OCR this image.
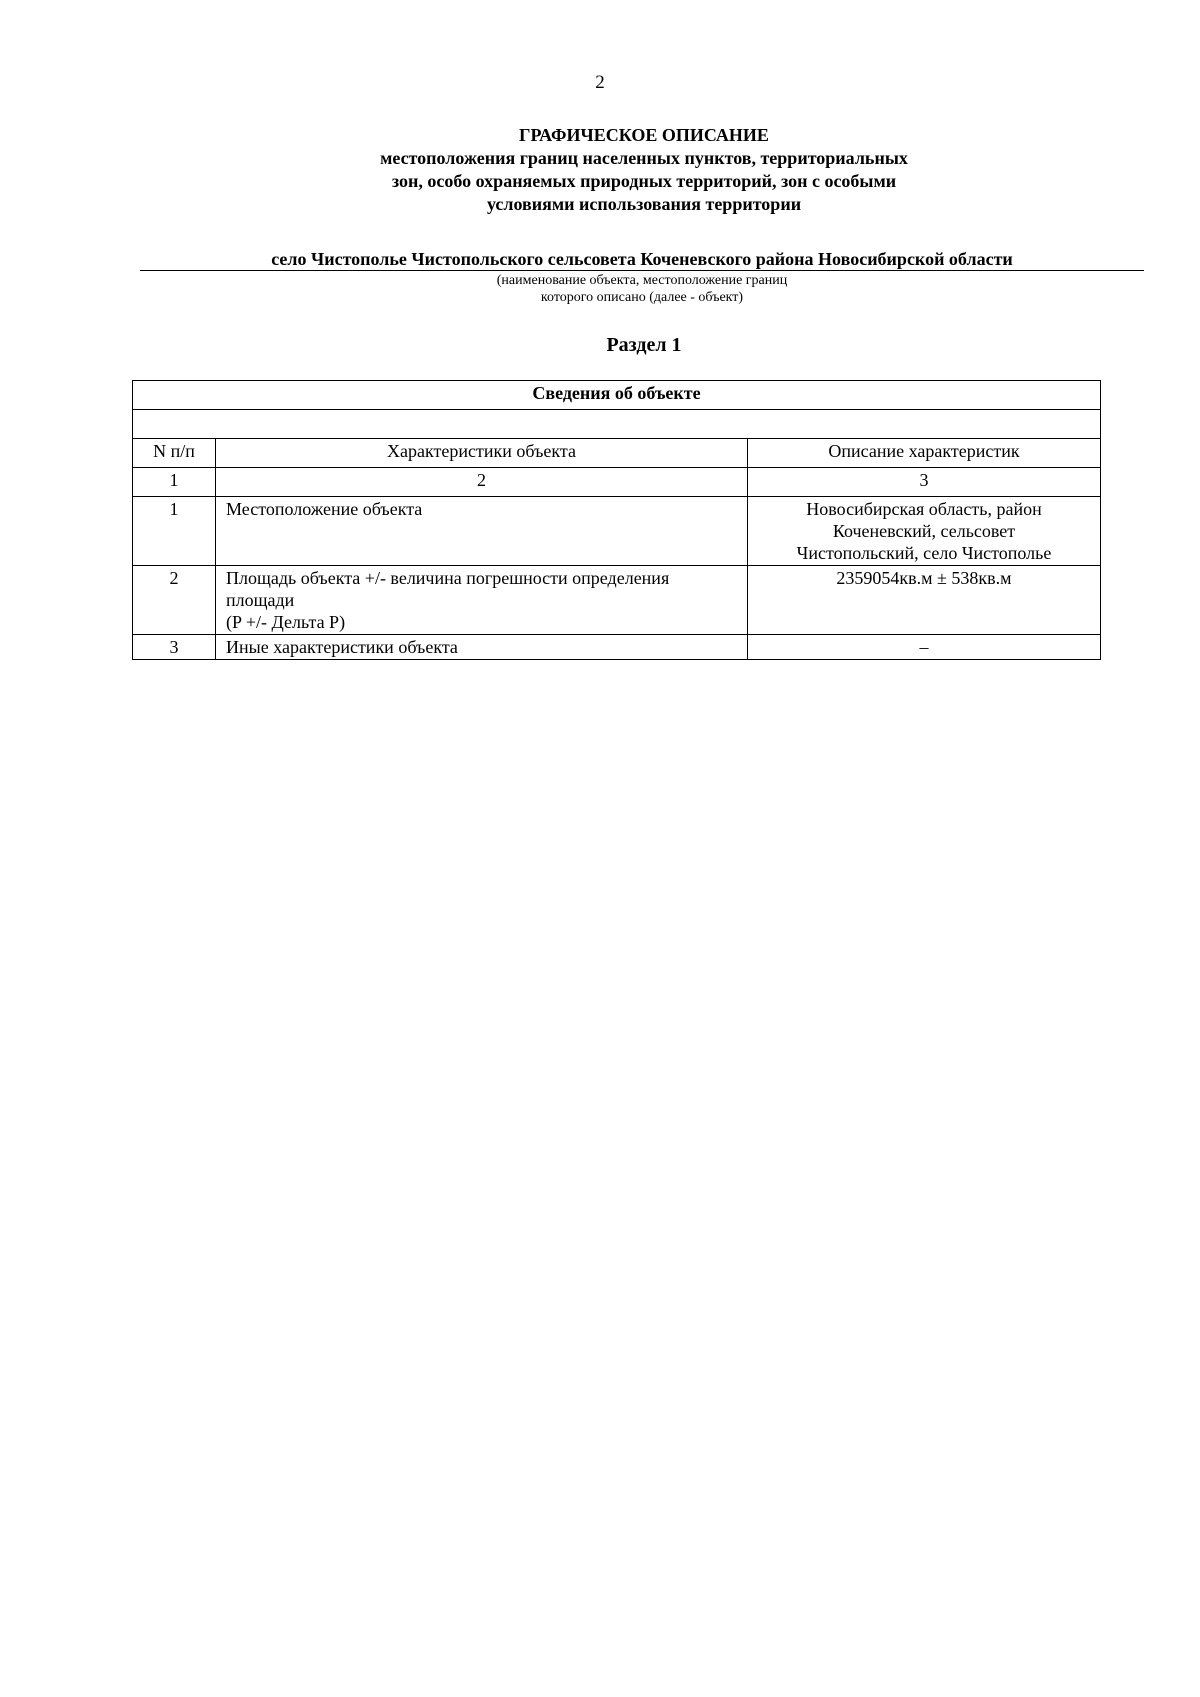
2
ГРАФИЧЕСКОЕ ОПИСАНИЕ
местоположения границ населенных пунктов, территориальных
зон, особо охраняемых природных территорий, зон с особыми
условиями использования территории
село Чистополье Чистопольского сельсовета Коченевского района Новосибирской области
(наименование объекта, местоположение границ
которого описано (далее - объект)
Раздел 1
Сведения об объекте		

N п/п	Характеристики объекта	Описание характеристик
1	2	3
1	Местоположение объекта	Новосибирская область, район
Коченевский, сельсовет
Чистопольский, село Чистополье

2	Площадь объекта +/- величина погрешности определения
площади
(P +/- Дельта P)	2359054кв.м ± 538кв.м

3	Иные характеристики объекта	–
